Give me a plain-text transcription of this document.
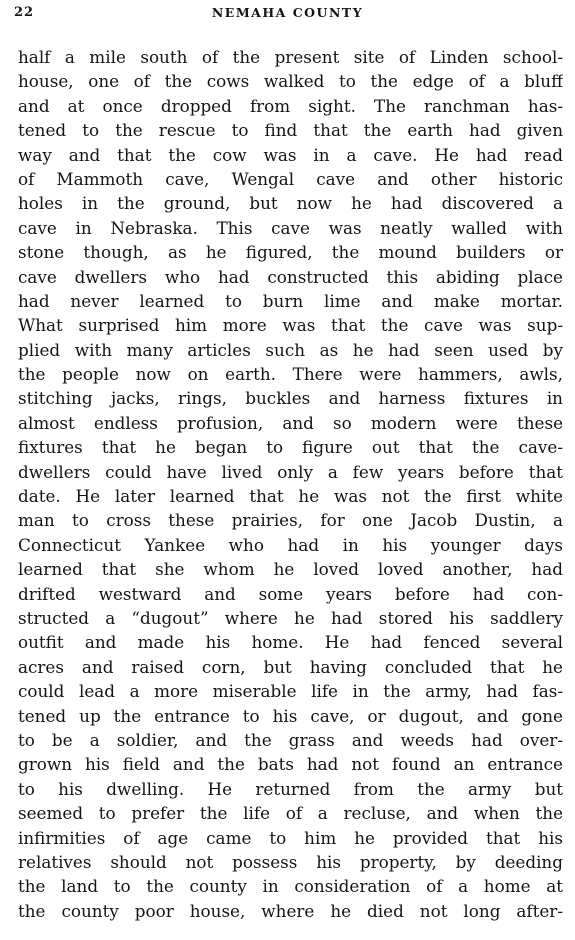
22	NEMAHA COUNTY

half a mile south of the present site of Linden school-
house, one of the cows walked to the edge of a bluff
and at once dropped from sight. The ranchman has-
tened to the rescue to find that the earth had given
way and that the cow was in a cave. He had read
of Mammoth cave, Wengal cave and other historic
holes in the ground, but now he had discovered a
cave in Nebraska. This cave was neatly walled with
stone though, as he figured, the mound builders or
cave dwellers who had constructed this abiding place
had never learned to burn lime and make mortar.
What surprised him more was that the cave was sup-
plied with many articles such as he had seen used by
the people now on earth. There were hammers, awls,
stitching jacks, rings, buckles and harness fixtures in
almost endless profusion, and so modern were these
fixtures that he began to figure out that the cave-
dwellers could have lived only a few years before that
date. He later learned that he was not the first white
man to cross these prairies, for one Jacob Dustin, a
Connecticut Yankee who had in his younger days
learned that she whom he loved loved another, had
drifted westward and some years before had con-
structed a “dugout” where he had stored his saddlery
outfit and made his home. He had fenced several
acres and raised corn, but having concluded that he
could lead a more miserable life in the army, had fas-
tened up the entrance to his cave, or dugout, and gone
to be a soldier, and the grass and weeds had over-
grown his field and the bats had not found an entrance
to his dwelling. He returned from the army but
seemed to prefer the life of a recluse, and when the
infirmities of age came to him he provided that his
relatives should not possess his property, by deeding
the land to the county in consideration of a home at
the county poor house, where he died not long after-
